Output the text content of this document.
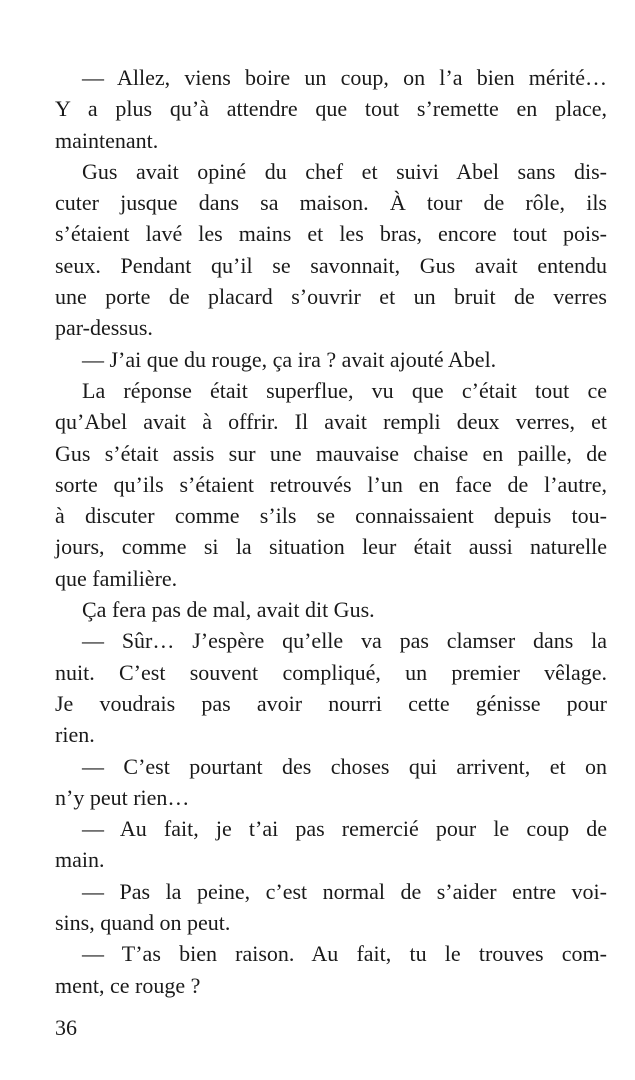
— Allez, viens boire un coup, on l’a bien mérité…
Y a plus qu’à attendre que tout s’remette en place,
maintenant.

Gus avait opiné du chef et suivi Abel sans dis-
cuter jusque dans sa maison. À tour de rôle, ils
s’étaient lavé les mains et les bras, encore tout pois-
seux. Pendant qu’il se savonnait, Gus avait entendu
une porte de placard s’ouvrir et un bruit de verres
par-dessus.

— J’ai que du rouge, ça ira ? avait ajouté Abel.

La réponse était superflue, vu que c’était tout ce
qu’Abel avait à offrir. Il avait rempli deux verres, et
Gus s’était assis sur une mauvaise chaise en paille, de
sorte qu’ils s’étaient retrouvés l’un en face de l’autre,
à discuter comme s’ils se connaissaient depuis tou-
jours, comme si la situation leur était aussi naturelle
que familière.

Ça fera pas de mal, avait dit Gus.

— Sûr… J’espère qu’elle va pas clamser dans la
nuit. C’est souvent compliqué, un premier vêlage.
Je voudrais pas avoir nourri cette génisse pour
rien.

— C’est pourtant des choses qui arrivent, et on
n’y peut rien…

— Au fait, je t’ai pas remercié pour le coup de
main.

— Pas la peine, c’est normal de s’aider entre voi-
sins, quand on peut.

— T’as bien raison. Au fait, tu le trouves com-
ment, ce rouge ?

36
